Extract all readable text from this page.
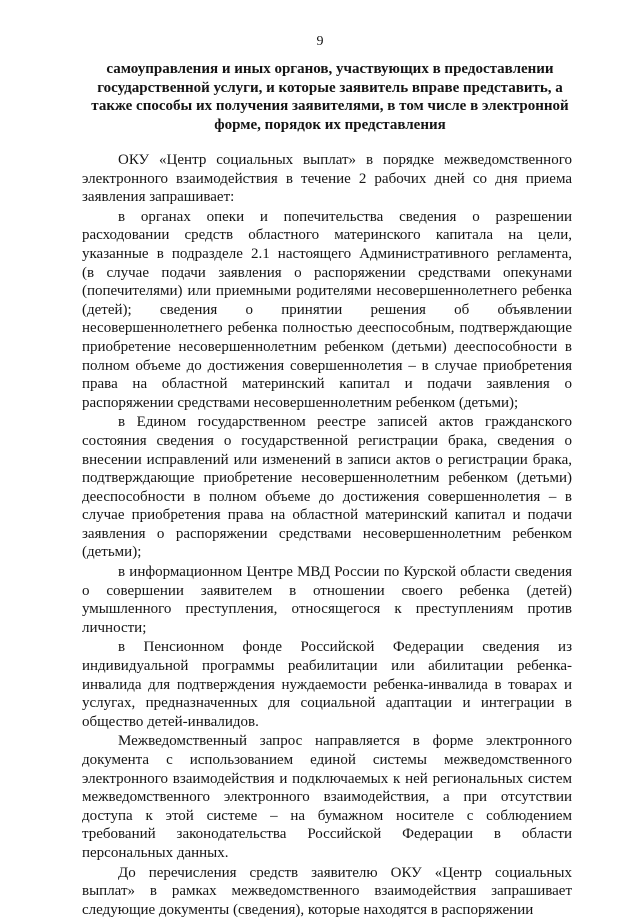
9
самоуправления и иных органов, участвующих в предоставлении
государственной услуги, и которые заявитель вправе представить, а
также способы их получения заявителями, в том числе в электронной
форме, порядок их представления
ОКУ «Центр социальных выплат» в порядке межведомственного
электронного взаимодействия в течение 2 рабочих дней со дня приема
заявления запрашивает:
в органах опеки и попечительства сведения о разрешении
расходовании средств областного материнского капитала на цели,
указанные в подразделе 2.1 настоящего Административного регламента,
(в случае подачи заявления о распоряжении средствами опекунами
(попечителями) или приемными родителями несовершеннолетнего ребенка
(детей); сведения о принятии решения об объявлении
несовершеннолетнего ребенка полностью дееспособным, подтверждающие
приобретение несовершеннолетним ребенком (детьми) дееспособности в
полном объеме до достижения совершеннолетия – в случае приобретения
права на областной материнский капитал и подачи заявления о
распоряжении средствами несовершеннолетним ребенком (детьми);
в Едином государственном реестре записей актов гражданского
состояния сведения о государственной регистрации брака, сведения о
внесении исправлений или изменений в записи актов о регистрации брака,
подтверждающие приобретение несовершеннолетним ребенком (детьми)
дееспособности в полном объеме до достижения совершеннолетия – в
случае приобретения права на областной материнский капитал и подачи
заявления о распоряжении средствами несовершеннолетним ребенком
(детьми);
в информационном Центре МВД России по Курской области сведения
о совершении заявителем в отношении своего ребенка (детей)
умышленного преступления, относящегося к преступлениям против
личности;
в Пенсионном фонде Российской Федерации сведения из
индивидуальной программы реабилитации или абилитации ребенка-
инвалида для подтверждения нуждаемости ребенка-инвалида в товарах и
услугах, предназначенных для социальной адаптации и интеграции в
общество детей-инвалидов.
Межведомственный запрос направляется в форме электронного
документа с использованием единой системы межведомственного
электронного взаимодействия и подключаемых к ней региональных систем
межведомственного электронного взаимодействия, а при отсутствии
доступа к этой системе – на бумажном носителе с соблюдением
требований законодательства Российской Федерации в области
персональных данных.
До перечисления средств заявителю ОКУ «Центр социальных
выплат» в рамках межведомственного взаимодействия запрашивает
следующие документы (сведения), которые находятся в распоряжении
